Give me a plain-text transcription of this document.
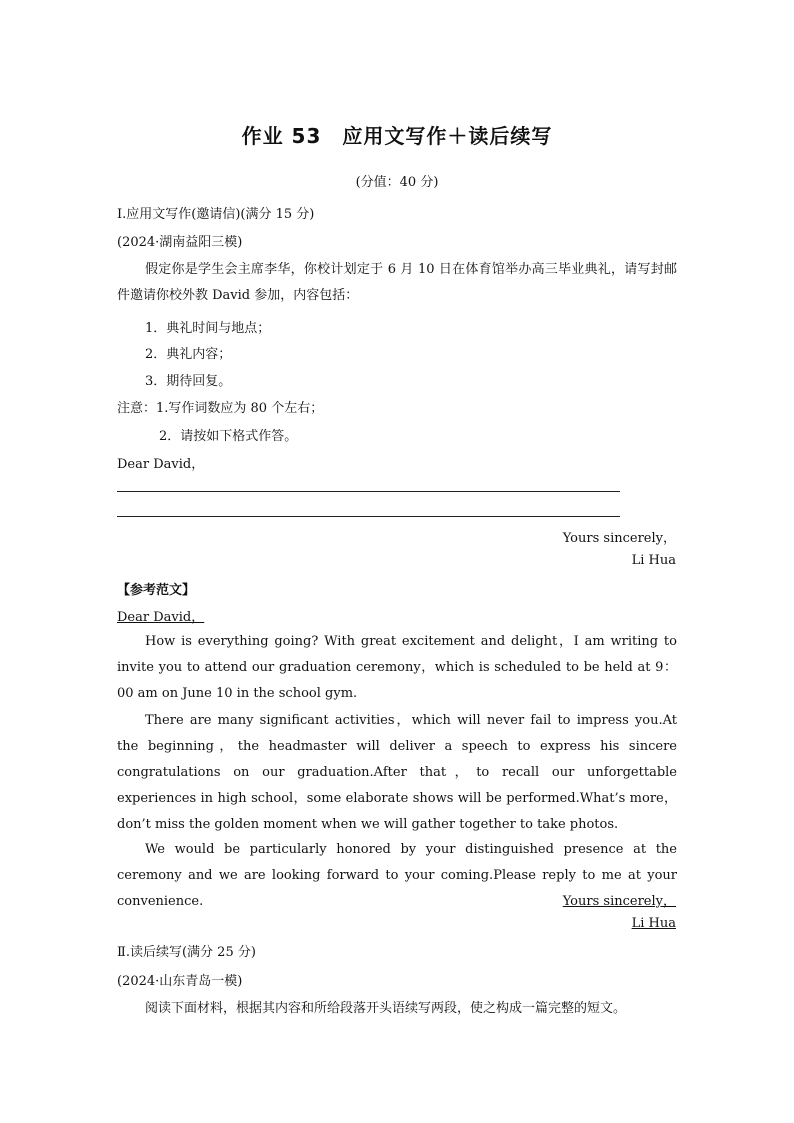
作业 53　应用文写作＋读后续写
(分值：40 分)
Ⅰ.应用文写作(邀请信)(满分 15 分)
(2024·湖南益阳三模)
假定你是学生会主席李华，你校计划定于 6 月 10 日在体育馆举办高三毕业典礼，请写封邮件邀请你校外教 David 参加，内容包括：
1．典礼时间与地点；
2．典礼内容；
3．期待回复。
注意：1.写作词数应为 80 个左右；
2．请按如下格式作答。
Dear David，
Yours sincerely，
Li Hua
【参考范文】
Dear David，
How is everything going? With great excitement and delight，I am writing to invite you to attend our graduation ceremony，which is scheduled to be held at 9：00 am on June 10 in the school gym.
There are many significant activities，which will never fail to impress you.At the beginning，the headmaster will deliver a speech to express his sincere congratulations on our graduation.After that，to recall our unforgettable experiences in high school，some elaborate shows will be performed.What’s more，don’t miss the golden moment when we will gather together to take photos.
We would be particularly honored by your distinguished presence at the ceremony and we are looking forward to your coming.Please reply to me at your convenience.	Yours sincerely，
Li Hua
Ⅱ.读后续写(满分 25 分)
(2024·山东青岛一模)
阅读下面材料，根据其内容和所给段落开头语续写两段，使之构成一篇完整的短文。
